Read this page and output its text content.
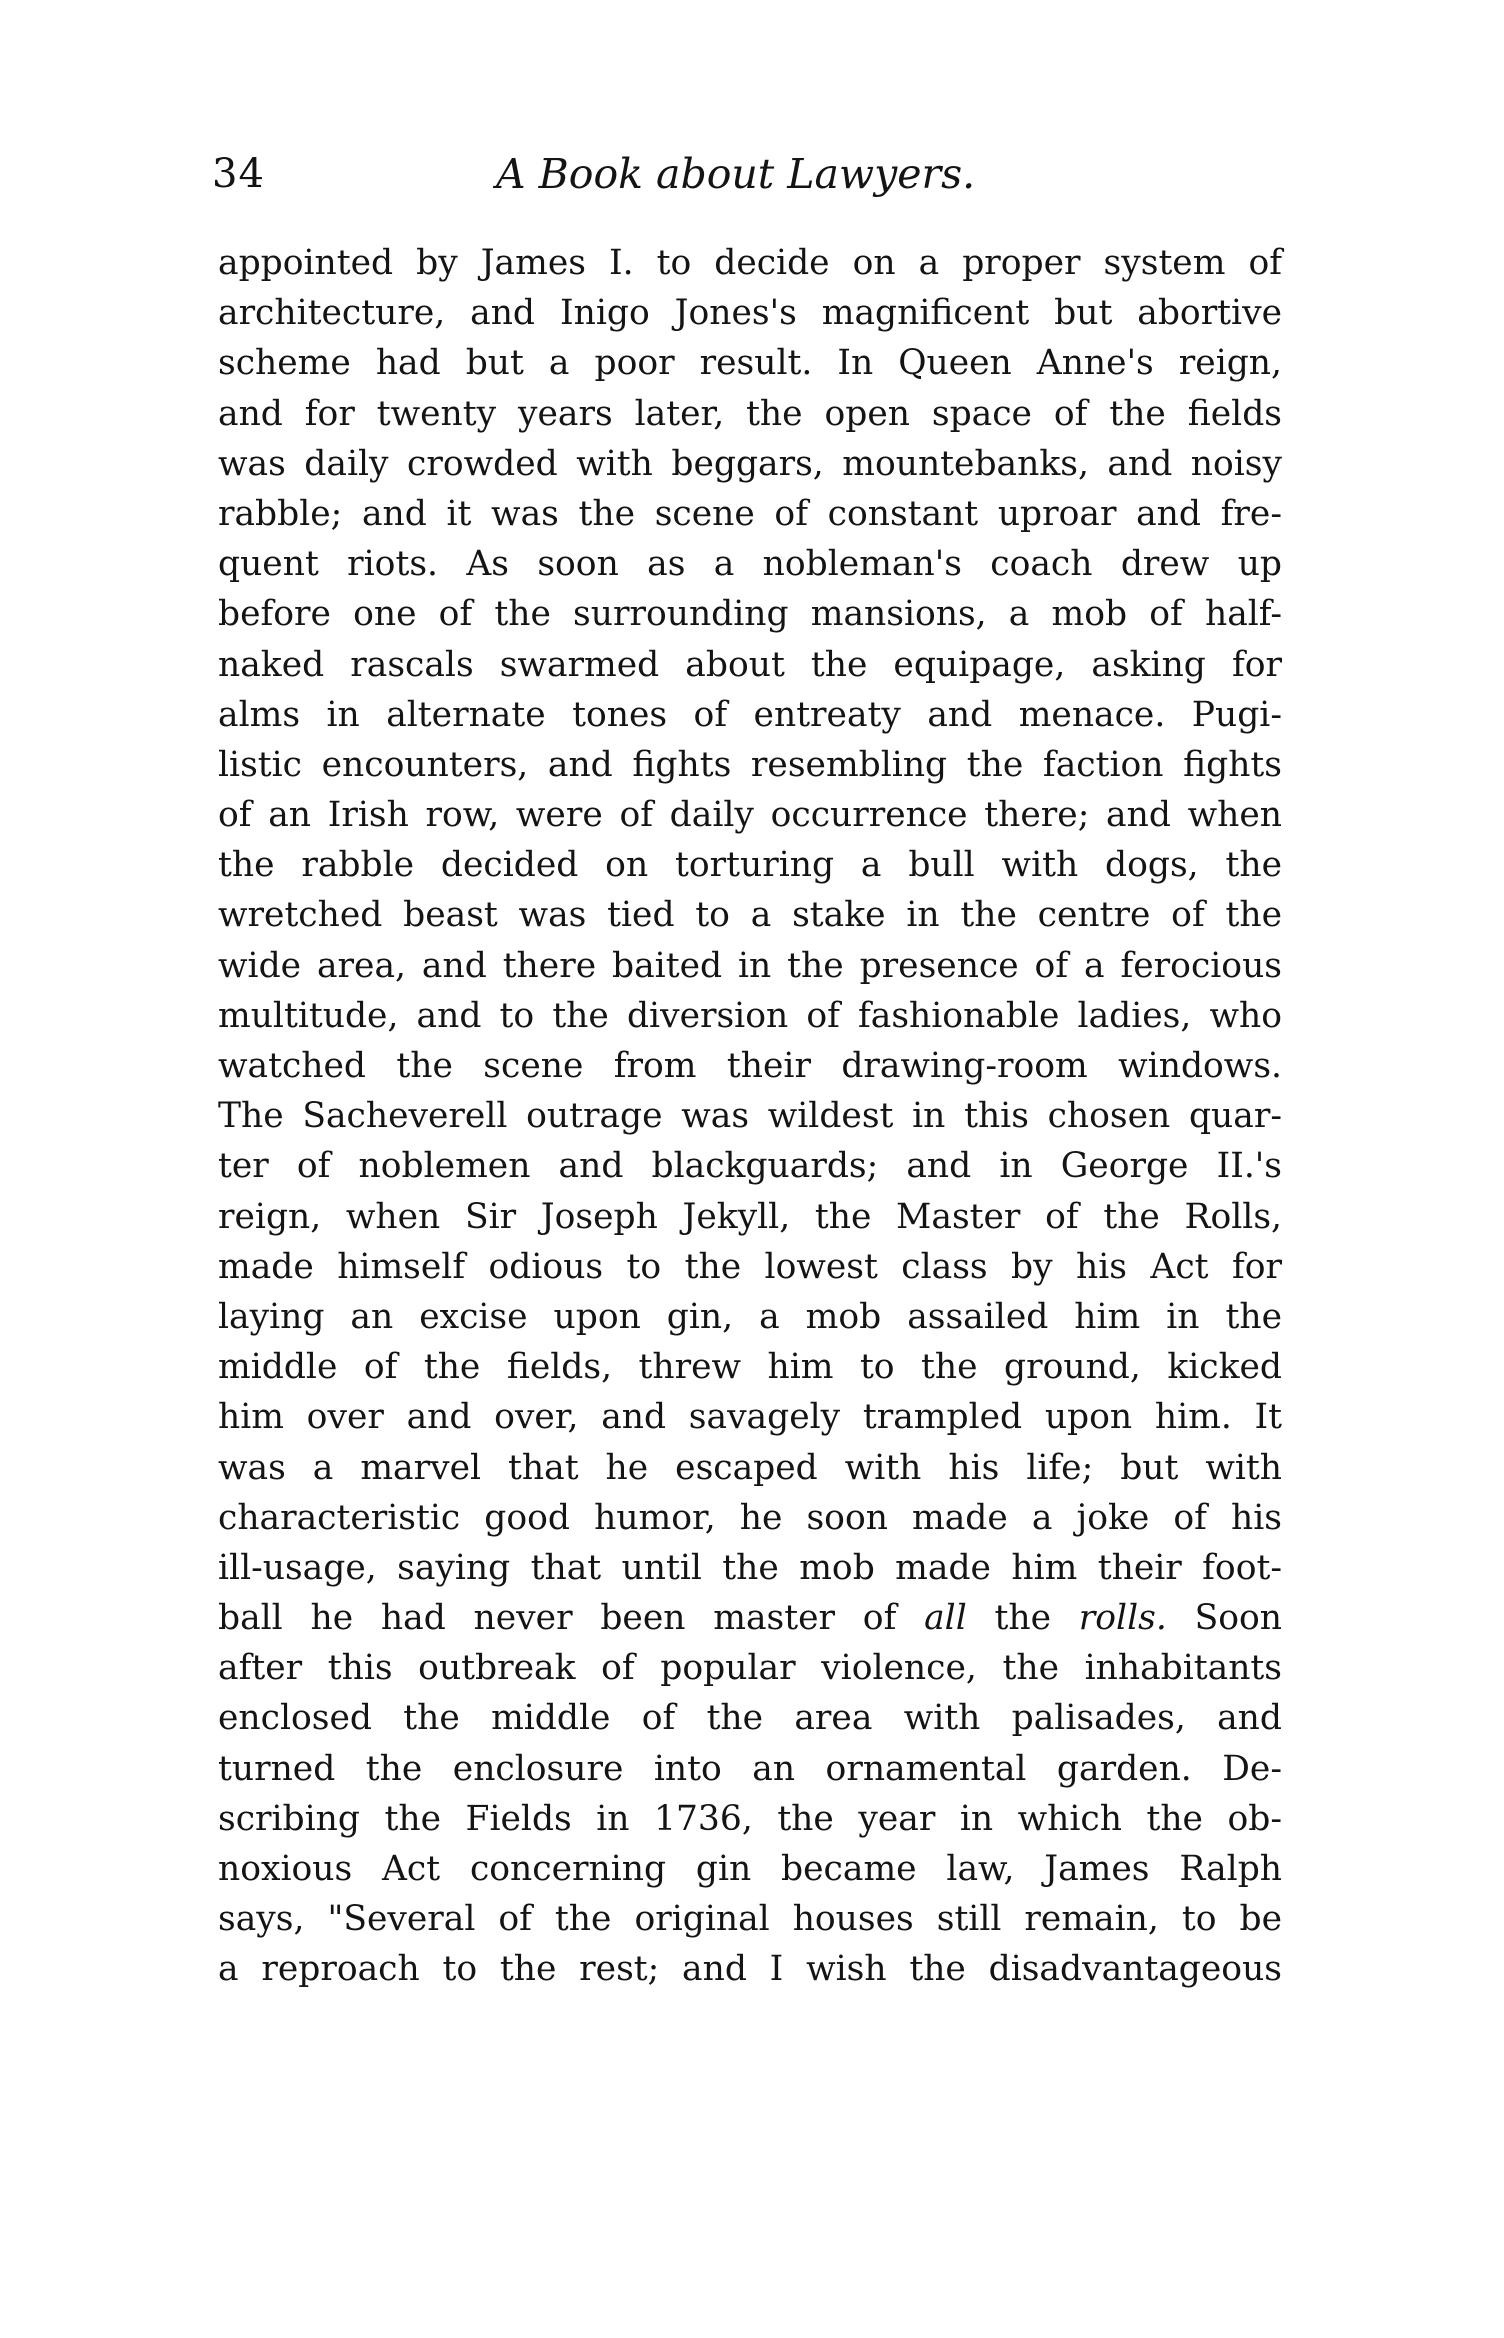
34	A Book about Lawyers.
appointed by James I. to decide on a proper system of
architecture, and Inigo Jones's magnificent but abortive
scheme had but a poor result. In Queen Anne's reign,
and for twenty years later, the open space of the fields
was daily crowded with beggars, mountebanks, and noisy
rabble; and it was the scene of constant uproar and fre-
quent riots. As soon as a nobleman's coach drew up
before one of the surrounding mansions, a mob of half-
naked rascals swarmed about the equipage, asking for
alms in alternate tones of entreaty and menace. Pugi-
listic encounters, and fights resembling the faction fights
of an Irish row, were of daily occurrence there; and when
the rabble decided on torturing a bull with dogs, the
wretched beast was tied to a stake in the centre of the
wide area, and there baited in the presence of a ferocious
multitude, and to the diversion of fashionable ladies, who
watched the scene from their drawing-room windows.
The Sacheverell outrage was wildest in this chosen quar-
ter of noblemen and blackguards; and in George II.'s
reign, when Sir Joseph Jekyll, the Master of the Rolls,
made himself odious to the lowest class by his Act for
laying an excise upon gin, a mob assailed him in the
middle of the fields, threw him to the ground, kicked
him over and over, and savagely trampled upon him. It
was a marvel that he escaped with his life; but with
characteristic good humor, he soon made a joke of his
ill-usage, saying that until the mob made him their foot-
ball he had never been master of all the rolls. Soon
after this outbreak of popular violence, the inhabitants
enclosed the middle of the area with palisades, and
turned the enclosure into an ornamental garden. De-
scribing the Fields in 1736, the year in which the ob-
noxious Act concerning gin became law, James Ralph
says, "Several of the original houses still remain, to be
a reproach to the rest; and I wish the disadvantageous
